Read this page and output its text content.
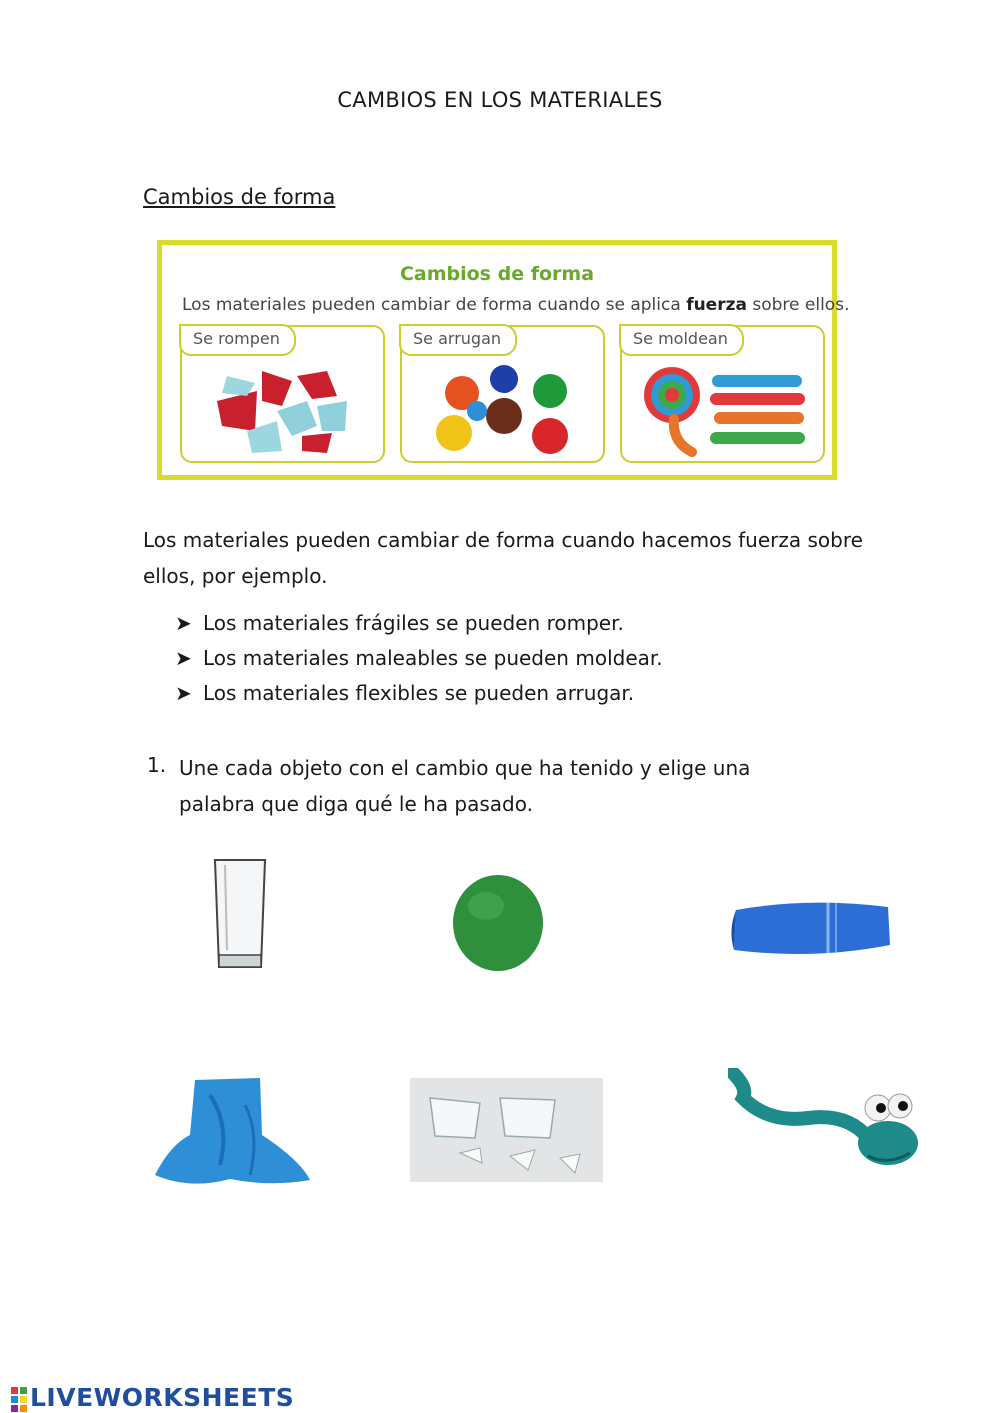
CAMBIOS EN LOS MATERIALES
Cambios de forma
Cambios de forma
Los materiales pueden cambiar de forma cuando se aplica fuerza sobre ellos.
Se rompen	Se arrugan	Se moldean
Los materiales pueden cambiar de forma cuando hacemos fuerza sobre ellos, por ejemplo.
➤ Los materiales frágiles se pueden romper.
➤ Los materiales maleables se pueden moldear.
➤ Los materiales flexibles se pueden arrugar.
1. Une cada objeto con el cambio que ha tenido y elige una palabra que diga qué le ha pasado.

LIVEWORKSHEETS
